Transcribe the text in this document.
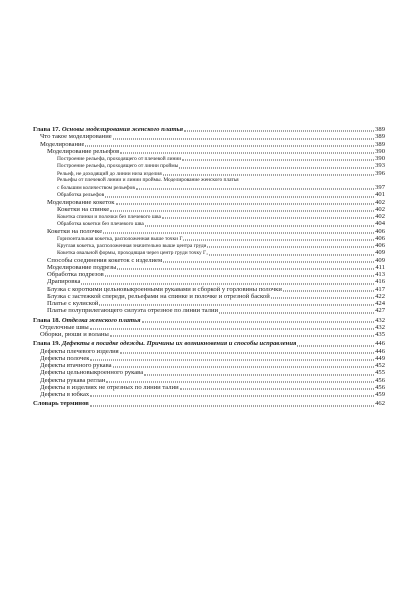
Глава 17. Основы моделирования женского платья	389
Что такое моделирование	389
Моделирование	389
Моделирование рельефов	390
Построение рельефа, проходящего от плечевой линии	390
Построение рельефа, проходящего от линии проймы	393
Рельеф, не доходящий до линии низа изделия	396
Рельефы от плечевой линии и линии проймы. Моделирование женского платья
с большим количеством рельефов	397
Обработка рельефов	401
Моделирование кокеток	402
Кокетки на спинке	402
Кокетка спинки и полочки без плечевого шва	402
Обработка кокетки без плечевого шва	404
Кокетки на полочке	406
Горизонтальная кокетка, расположенная выше точки Г₁	406
Круглая кокетка, расположенная значительно выше центра груди	406
Кокетка овальной формы, проходящая через центр груди точку Г₁	409
Способы соединения кокеток с изделием	409
Моделирование подрезы	411
Обработка подрезов	413
Драпировка	416
Блузка с короткими цельновыкроенными рукавами и сборкой у горловины полочки	417
Блузка с застежкой спереди, рельефами на спинке и полочке и отрезной баской	422
Платье с кулиской	424
Платье полуприлегающего силуэта отрезное по линии талии	427
Глава 18. Отделка женского платья	432
Отделочные швы	432
Оборки, рюши и воланы	435
Глава 19. Дефекты в посадке одежды. Причины их возникновения и способы исправления	446
Дефекты плечевого изделия	446
Дефекты полочек	449
Дефекты втачного рукава	452
Дефекты цельновыкроенного рукава	455
Дефекты рукава реглан	456
Дефекты в изделиях не отрезных по линии талии	456
Дефекты в юбках	459
Словарь терминов	462
